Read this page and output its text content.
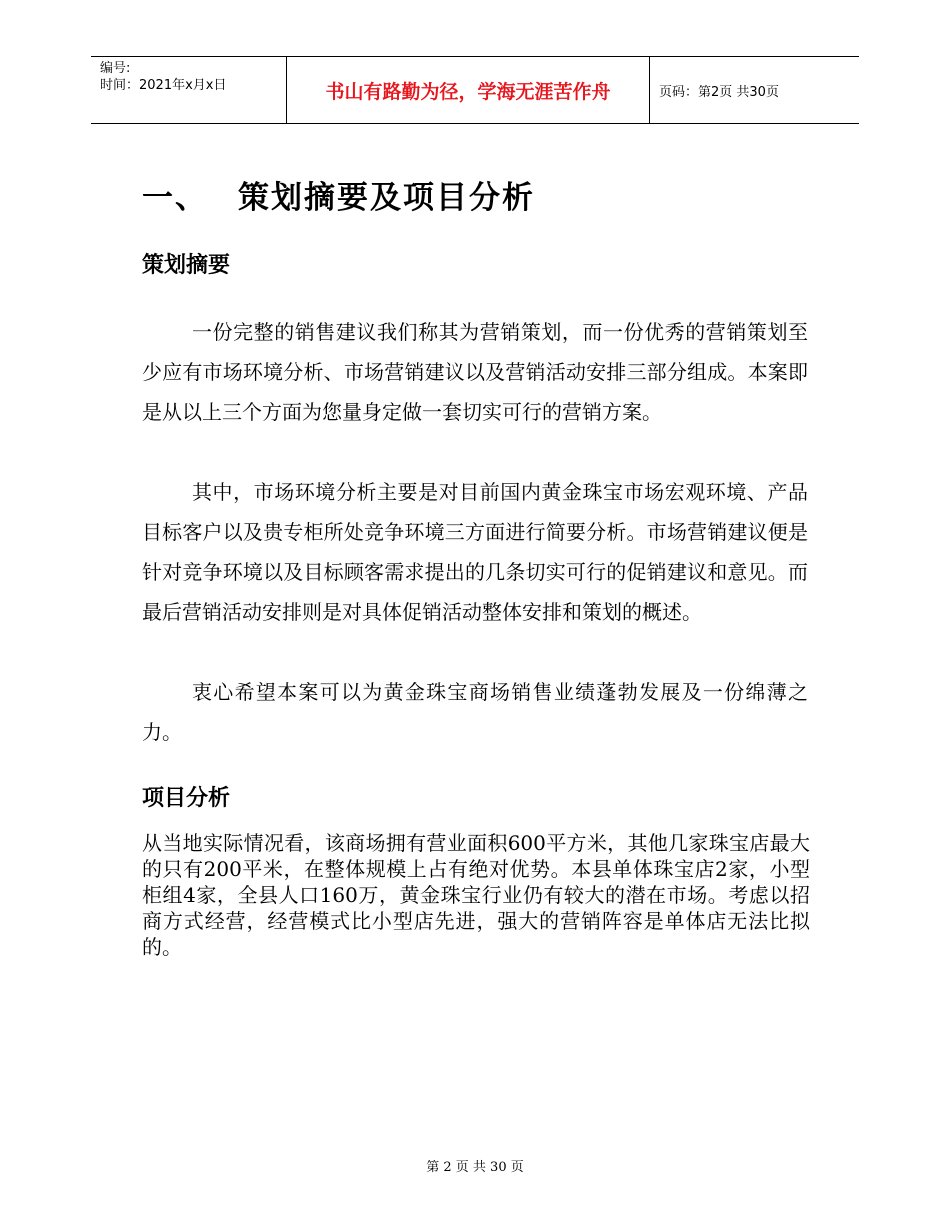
编号:
时间：2021年x月x日	书山有路勤为径，学海无涯苦作舟	页码：第2页 共30页
一、 策划摘要及项目分析
策划摘要

一份完整的销售建议我们称其为营销策划，而一份优秀的营销策划至少应有市场环境分析、市场营销建议以及营销活动安排三部分组成。本案即是从以上三个方面为您量身定做一套切实可行的营销方案。

其中，市场环境分析主要是对目前国内黄金珠宝市场宏观环境、产品目标客户以及贵专柜所处竞争环境三方面进行简要分析。市场营销建议便是针对竞争环境以及目标顾客需求提出的几条切实可行的促销建议和意见。而最后营销活动安排则是对具体促销活动整体安排和策划的概述。

衷心希望本案可以为黄金珠宝商场销售业绩蓬勃发展及一份绵薄之力。

项目分析

从当地实际情况看，该商场拥有营业面积600平方米，其他几家珠宝店最大的只有200平米，在整体规模上占有绝对优势。本县单体珠宝店2家，小型柜组4家，全县人口160万，黄金珠宝行业仍有较大的潜在市场。考虑以招商方式经营，经营模式比小型店先进，强大的营销阵容是单体店无法比拟的。

第 2 页 共 30 页
